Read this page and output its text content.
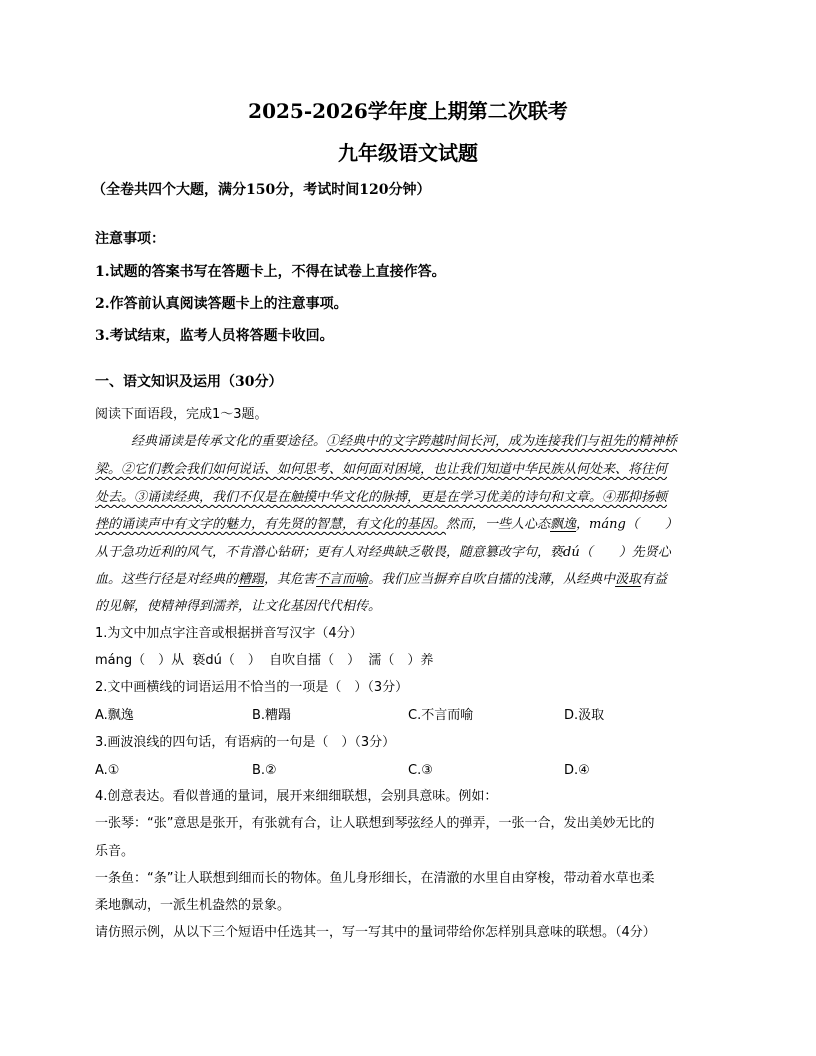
2025-2026学年度上期第二次联考
九年级语文试题
（全卷共四个大题，满分150分，考试时间120分钟）
注意事项：
1.试题的答案书写在答题卡上，不得在试卷上直接作答。
2.作答前认真阅读答题卡上的注意事项。
3.考试结束，监考人员将答题卡收回。
一、语文知识及运用（30分）
阅读下面语段，完成1～3题。
经典诵读是传承文化的重要途径。①经典中的文字跨越时间长河，成为连接我们与祖先的精神桥
梁。②它们教会我们如何说话、如何思考、如何面对困境，也让我们知道中华民族从何处来、将往何
处去。③诵读经典，我们不仅是在触摸中华文化的脉搏，更是在学习优美的诗句和文章。④那抑扬顿
挫的诵读声中有文字的魅力，有先贤的智慧，有文化的基因。然而，一些人心态飘逸，máng（　　）
从于急功近利的风气，不肯潜心钻研；更有人对经典缺乏敬畏，随意篡改字句，亵dú（　　）先贤心
血。这些行径是对经典的糟蹋，其危害不言而喻。我们应当摒弃自吹自擂的浅薄，从经典中汲取有益
的见解，使精神得到濡养，让文化基因代代相传。
1.为文中加点字注音或根据拼音写汉字（4分）
máng（　）从  亵dú（　）  自吹自擂（　）  濡（　）养
2.文中画横线的词语运用不恰当的一项是（　）（3分）
A.飘逸	B.糟蹋	C.不言而喻	D.汲取
3.画波浪线的四句话，有语病的一句是（　）（3分）
A.①	B.②	C.③	D.④
4.创意表达。看似普通的量词，展开来细细联想，会别具意味。例如：
一张琴：“张”意思是张开，有张就有合，让人联想到琴弦经人的弹弄，一张一合，发出美妙无比的
乐音。
一条鱼：“条”让人联想到细而长的物体。鱼儿身形细长，在清澈的水里自由穿梭，带动着水草也柔
柔地飘动，一派生机盎然的景象。
请仿照示例，从以下三个短语中任选其一，写一写其中的量词带给你怎样别具意味的联想。（4分）
